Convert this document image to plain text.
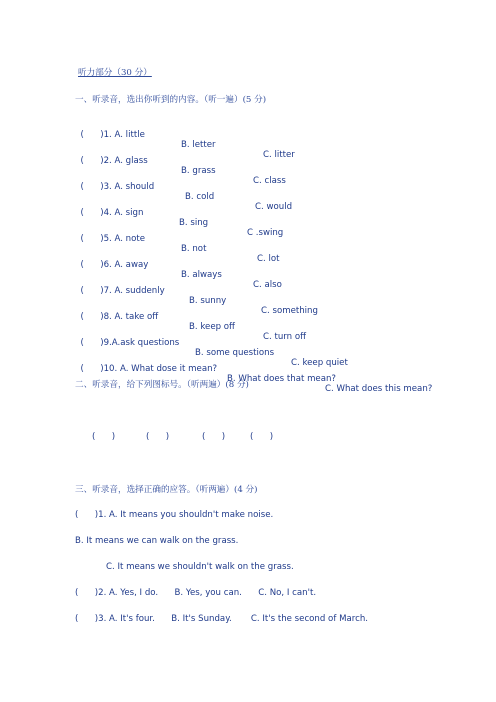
听力部分（30 分）
一、听录音，选出你听到的内容。（听一遍）(5 分)

(      )1. A. little

B. letter

C. litter

(      )2. A. glass

B. grass

C. class

(      )3. A. should

B. cold

C. would

(      )4. A. sign

B. sing

C .swing

(      )5. A. note

B. not

C. lot

(      )6. A. away

B. always

C. also

(      )7. A. suddenly

B. sunny

C. something

(      )8. A. take off

B. keep off

C. turn off

(      )9.A.ask questions

B. some questions

C. keep quiet

(      )10. A. What dose it mean?

B. What does that mean?

C. What does this mean?

二、听录音，给下列图标号。（听两遍）(8 分)
(      )	(      )	(      )	(      )
三、听录音，选择正确的应答。（听两遍）(4 分)
(      )1. A. It means you shouldn't make noise.
B. It means we can walk on the grass.
C. It means we shouldn't walk on the grass.
(      )2. A. Yes, I do.      B. Yes, you can.      C. No, I can't.
(      )3. A. It's four.      B. It's Sunday.       C. It's the second of March.
